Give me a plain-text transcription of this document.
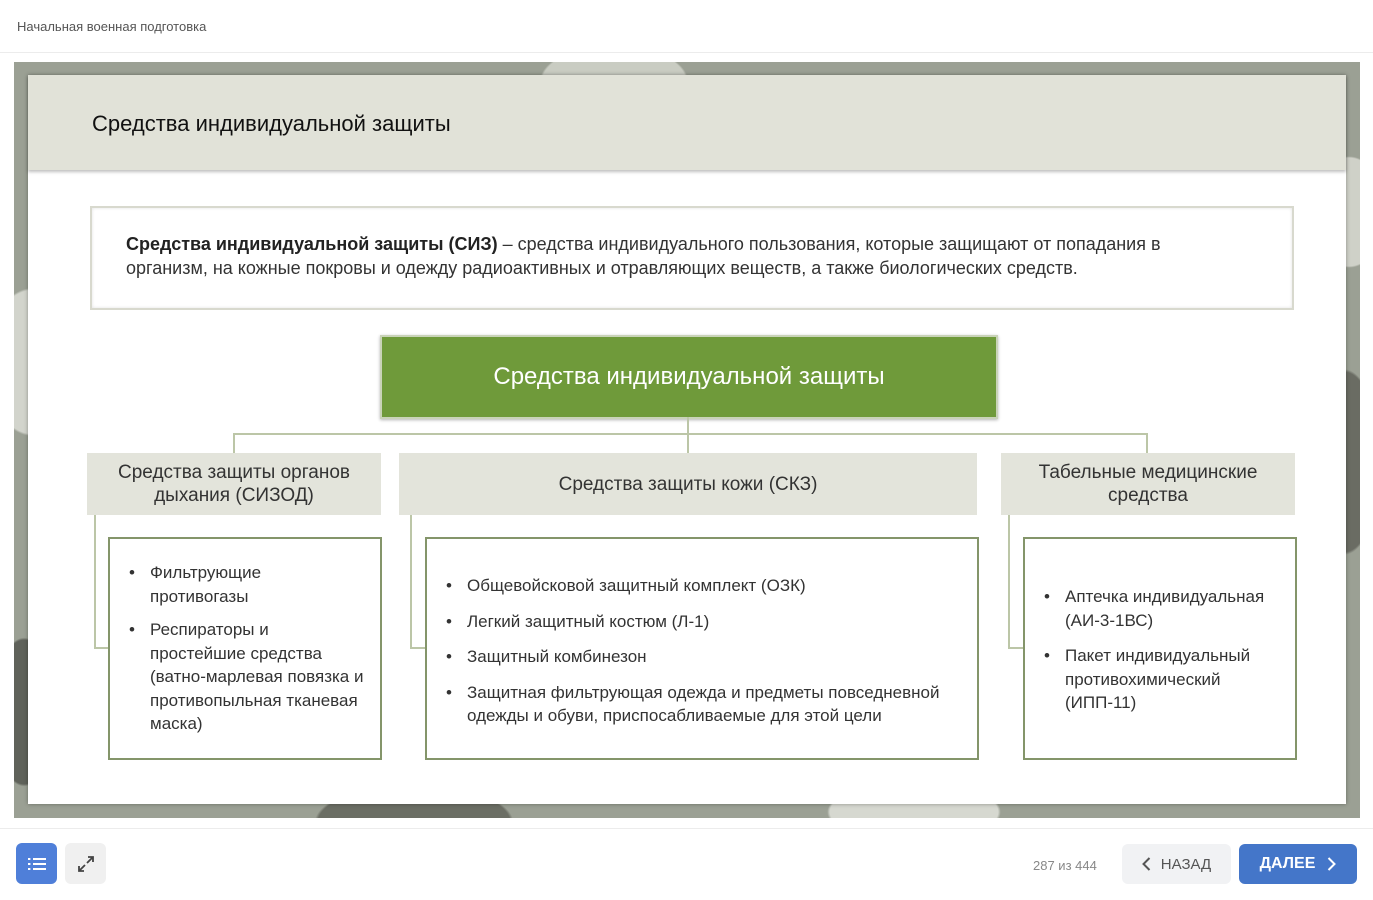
Начальная военная подготовка
Средства индивидуальной защиты
Средства индивидуальной защиты (СИЗ) – средства индивидуального пользования, которые защищают от попадания в организм, на кожные покровы и одежду радиоактивных и отравляющих веществ, а также биологических средств.
Средства индивидуальной защиты
Средства защиты органов дыхания (СИЗОД)
Средства защиты кожи (СКЗ)
Табельные медицинские средства
• Фильтрующие противогазы
• Респираторы и простейшие средства (ватно-марлевая повязка и противопыльная тканевая маска)
• Общевойсковой защитный комплект (ОЗК)
• Легкий защитный костюм (Л-1)
• Защитный комбинезон
• Защитная фильтрующая одежда и предметы повседневной одежды и обуви, приспосабливаемые для этой цели
• Аптечка индивидуальная (АИ-3-1ВС)
• Пакет индивидуальный противохимический (ИПП-11)
287 из 444	НАЗАД	ДАЛЕЕ
